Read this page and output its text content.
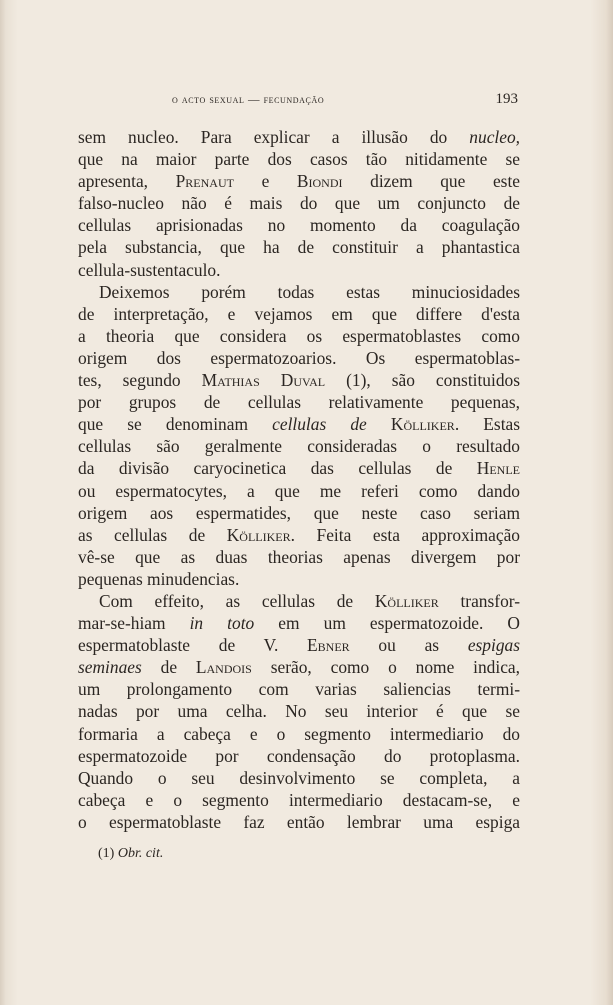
o acto sexual — fecundação	193
sem nucleo. Para explicar a illusão do nucleo,
que na maior parte dos casos tão nitidamente se
apresenta, Prenaut e Biondi dizem que este
falso-nucleo não é mais do que um conjuncto de
cellulas aprisionadas no momento da coagulação
pela substancia, que ha de constituir a phantastica
cellula-sustentaculo.
Deixemos porém todas estas minuciosidades
de interpretação, e vejamos em que differe d'esta
a theoria que considera os espermatoblastes como
origem dos espermatozoarios. Os espermatoblas-
tes, segundo Mathias Duval (1), são constituidos
por grupos de cellulas relativamente pequenas,
que se denominam cellulas de Kölliker. Estas
cellulas são geralmente consideradas o resultado
da divisão caryocinetica das cellulas de Henle
ou espermatocytes, a que me referi como dando
origem aos espermatides, que neste caso seriam
as cellulas de Kölliker. Feita esta approximação
vê-se que as duas theorias apenas divergem por
pequenas minudencias.
Com effeito, as cellulas de Kölliker transfor-
mar-se-hiam in toto em um espermatozoide. O
espermatoblaste de V. Ebner ou as espigas
seminaes de Landois serão, como o nome indica,
um prolongamento com varias saliencias termi-
nadas por uma celha. No seu interior é que se
formaria a cabeça e o segmento intermediario do
espermatozoide por condensação do protoplasma.
Quando o seu desinvolvimento se completa, a
cabeça e o segmento intermediario destacam-se, e
o espermatoblaste faz então lembrar uma espiga
(1) Obr. cit.
